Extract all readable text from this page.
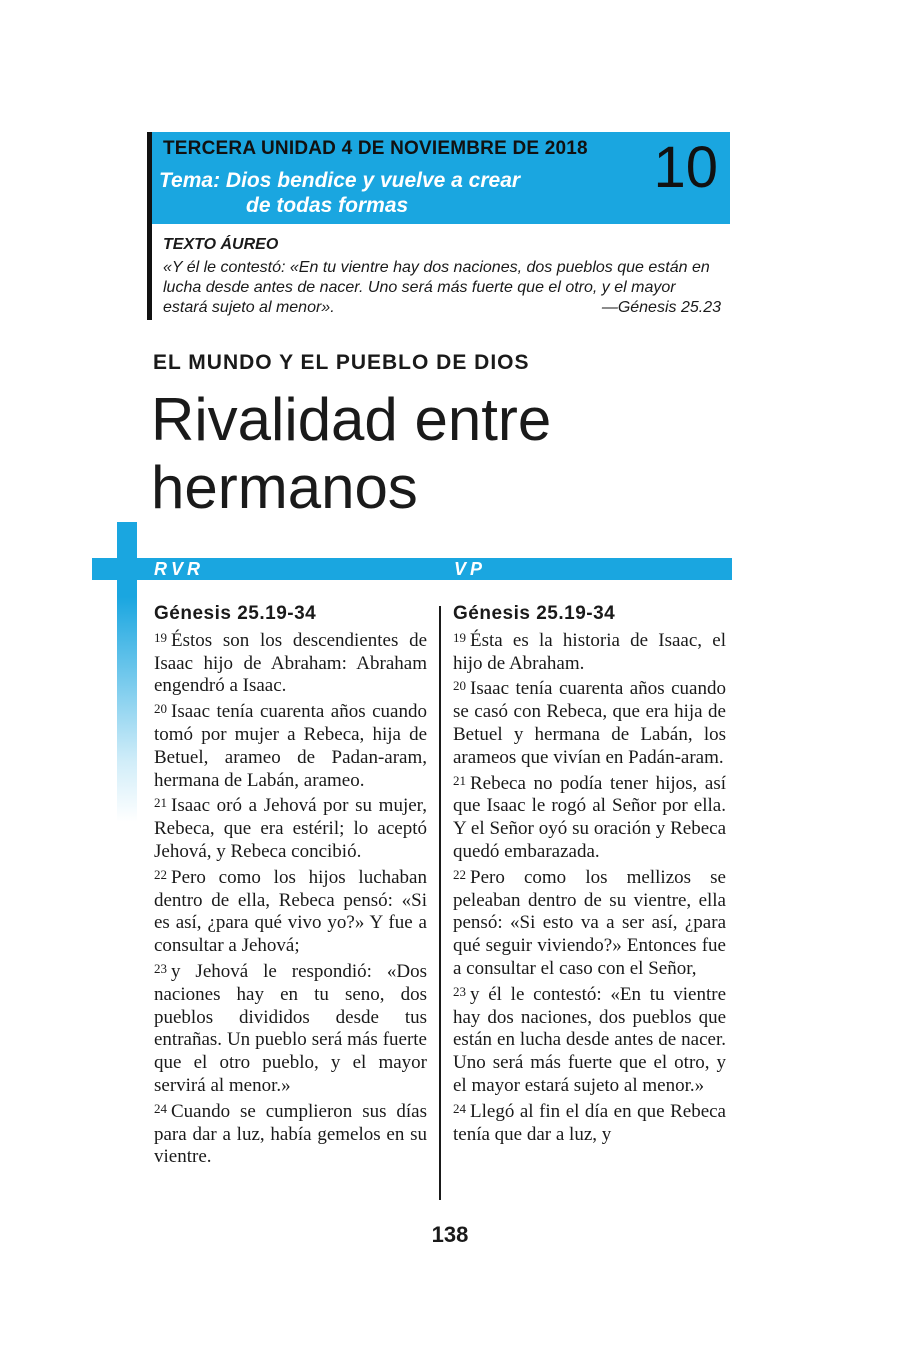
TERCERA UNIDAD 4 DE NOVIEMBRE DE 2018
Tema: Dios bendice y vuelve a crear
de todas formas
10
TEXTO ÁUREO
«Y él le contestó: «En tu vientre hay dos naciones, dos pueblos que están en lucha desde antes de nacer. Uno será más fuerte que el otro, y el mayor estará sujeto al menor».	—Génesis 25.23
EL MUNDO Y EL PUEBLO DE DIOS
Rivalidad entre hermanos
RVR	VP
Génesis 25.19-34

$^{19}$ Éstos son los descendientes de Isaac hijo de Abraham: Abraham engendró a Isaac.

$^{20}$ Isaac tenía cuarenta años cuando tomó por mujer a Rebeca, hija de Betuel, arameo de Padan-aram, hermana de Labán, arameo.

$^{21}$ Isaac oró a Jehová por su mujer, Rebeca, que era estéril; lo aceptó Jehová, y Rebeca concibió.

$^{22}$ Pero como los hijos luchaban dentro de ella, Rebeca pensó: «Si es así, ¿para qué vivo yo?» Y fue a consultar a Jehová;

$^{23}$ y Jehová le respondió: «Dos naciones hay en tu seno, dos pueblos divididos desde tus entrañas. Un pueblo será más fuerte que el otro pueblo, y el mayor servirá al menor.»

$^{24}$ Cuando se cumplieron sus días para dar a luz, había gemelos en su vientre.

Génesis 25.19-34

$^{19}$ Ésta es la historia de Isaac, el hijo de Abraham.

$^{20}$ Isaac tenía cuarenta años cuando se casó con Rebeca, que era hija de Betuel y hermana de Labán, los arameos que vivían en Padán-aram.

$^{21}$ Rebeca no podía tener hijos, así que Isaac le rogó al Señor por ella. Y el Señor oyó su oración y Rebeca quedó embarazada.

$^{22}$ Pero como los mellizos se peleaban dentro de su vientre, ella pensó: «Si esto va a ser así, ¿para qué seguir viviendo?» Entonces fue a consultar el caso con el Señor,

$^{23}$ y él le contestó: «En tu vientre hay dos naciones, dos pueblos que están en lucha desde antes de nacer. Uno será más fuerte que el otro, y el mayor estará sujeto al menor.»

$^{24}$ Llegó al fin el día en que Rebeca tenía que dar a luz, y

138
